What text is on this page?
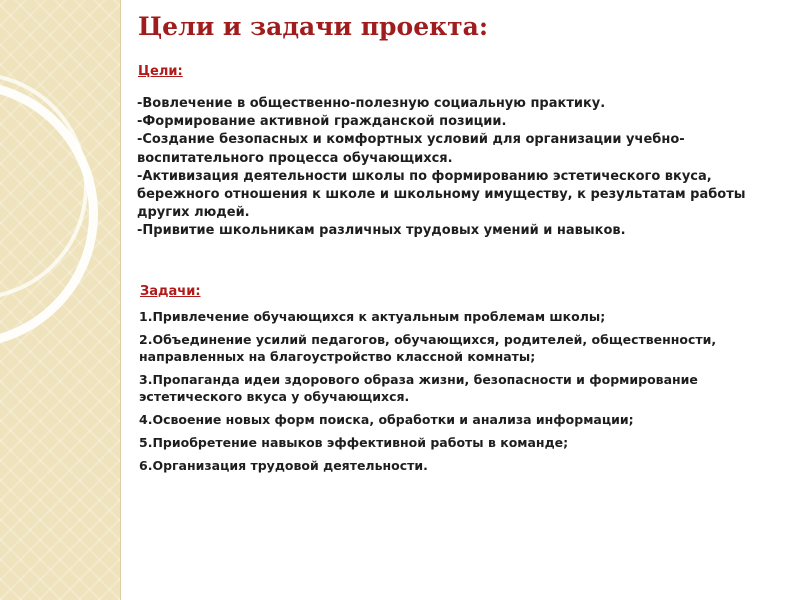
Цели и задачи проекта:
Цели:

-Вовлечение в общественно-полезную социальную практику.

-Формирование активной гражданской позиции.

-Создание безопасных и комфортных условий для организации учебно-воспитательного процесса обучающихся.

-Активизация деятельности школы по формированию эстетического вкуса, бережного отношения к школе и школьному имуществу, к результатам работы других людей.

-Привитие школьникам различных трудовых умений и навыков.

Задачи:

1.Привлечение обучающихся к актуальным проблемам школы;

2.Объединение усилий педагогов, обучающихся, родителей, общественности, направленных на благоустройство классной комнаты;

3.Пропаганда идеи здорового образа жизни, безопасности и формирование эстетического вкуса у обучающихся.

4.Освоение новых форм поиска, обработки и анализа информации;

5.Приобретение навыков эффективной работы в команде;

6.Организация трудовой деятельности.
